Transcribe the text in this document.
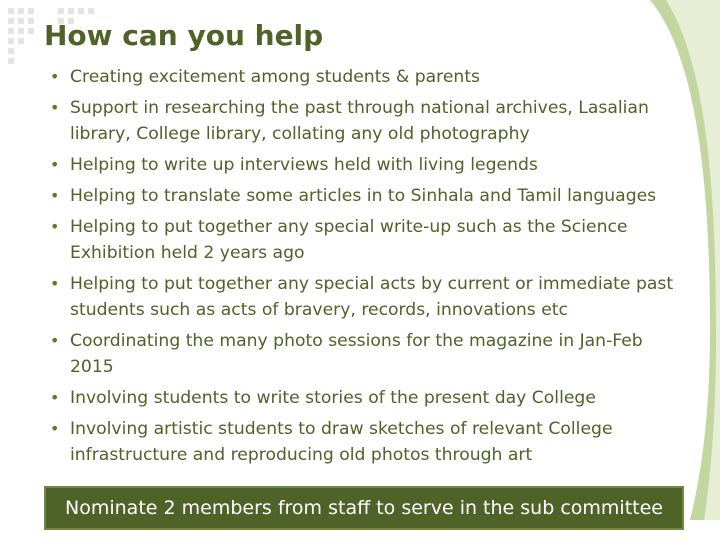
How can you help
• Creating excitement among students & parents
• Support in researching the past through national archives, Lasalian library, College library, collating any old photography
• Helping to write up interviews held with living legends
• Helping to translate some articles in to Sinhala and Tamil languages
• Helping to put together any special write-up such as the Science Exhibition held 2 years ago
• Helping to put together any special acts by current or immediate past students such as acts of bravery, records, innovations etc
• Coordinating the many photo sessions for the magazine in Jan-Feb 2015
• Involving students to write stories of the present day College
• Involving artistic students to draw sketches of relevant College infrastructure and reproducing old photos through art
Nominate 2 members from staff to serve in the sub committee
